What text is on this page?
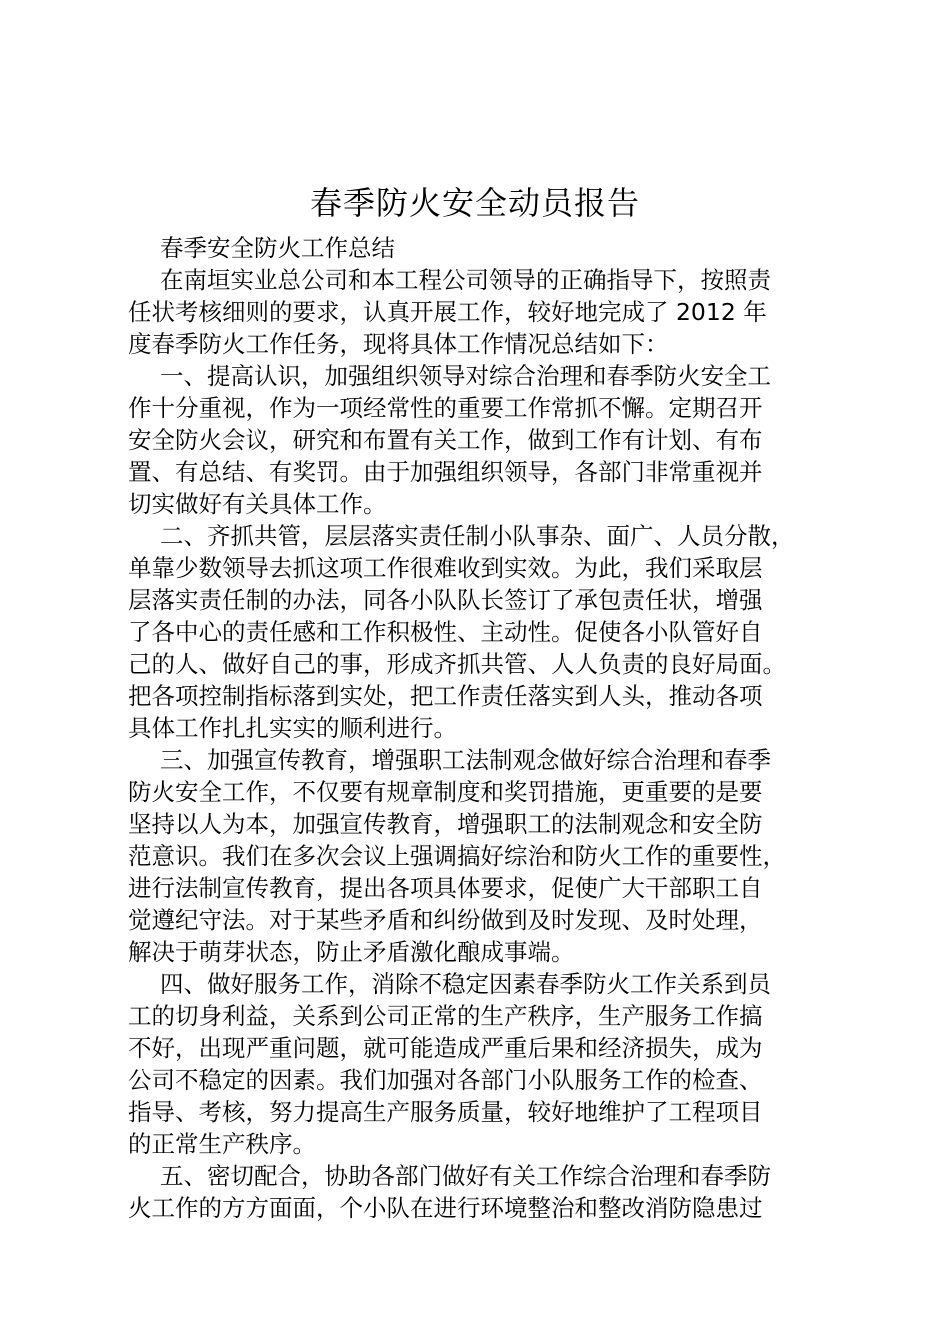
春季防火安全动员报告
春季安全防火工作总结
在南垣实业总公司和本工程公司领导的正确指导下，按照责
任状考核细则的要求，认真开展工作，较好地完成了 2012 年
度春季防火工作任务，现将具体工作情况总结如下：
一、提高认识，加强组织领导对综合治理和春季防火安全工
作十分重视，作为一项经常性的重要工作常抓不懈。定期召开
安全防火会议，研究和布置有关工作，做到工作有计划、有布
置、有总结、有奖罚。由于加强组织领导，各部门非常重视并
切实做好有关具体工作。
二、齐抓共管，层层落实责任制小队事杂、面广、人员分散，
单靠少数领导去抓这项工作很难收到实效。为此，我们采取层
层落实责任制的办法，同各小队队长签订了承包责任状，增强
了各中心的责任感和工作积极性、主动性。促使各小队管好自
己的人、做好自己的事，形成齐抓共管、人人负责的良好局面。
把各项控制指标落到实处，把工作责任落实到人头，推动各项
具体工作扎扎实实的顺利进行。
三、加强宣传教育，增强职工法制观念做好综合治理和春季
防火安全工作，不仅要有规章制度和奖罚措施，更重要的是要
坚持以人为本，加强宣传教育，增强职工的法制观念和安全防
范意识。我们在多次会议上强调搞好综治和防火工作的重要性，
进行法制宣传教育，提出各项具体要求，促使广大干部职工自
觉遵纪守法。对于某些矛盾和纠纷做到及时发现、及时处理，
解决于萌芽状态，防止矛盾激化酿成事端。
四、做好服务工作，消除不稳定因素春季防火工作关系到员
工的切身利益，关系到公司正常的生产秩序，生产服务工作搞
不好，出现严重问题，就可能造成严重后果和经济损失，成为
公司不稳定的因素。我们加强对各部门小队服务工作的检查、
指导、考核，努力提高生产服务质量，较好地维护了工程项目
的正常生产秩序。
五、密切配合，协助各部门做好有关工作综合治理和春季防
火工作的方方面面，个小队在进行环境整治和整改消防隐患过
